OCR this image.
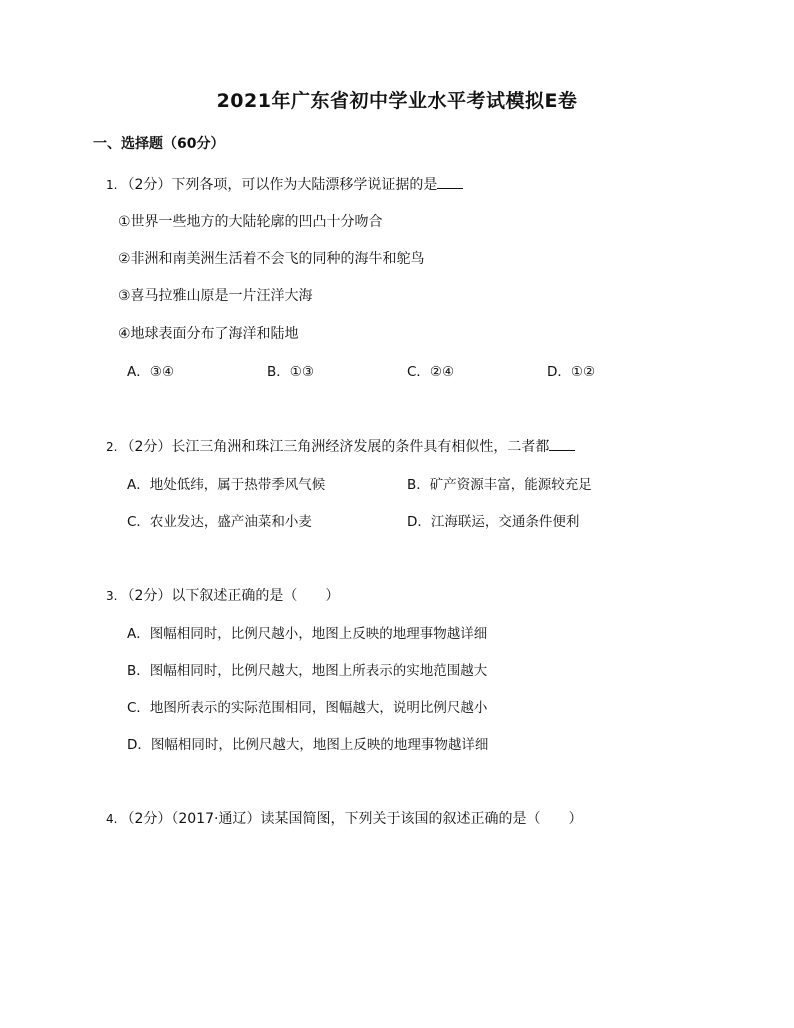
2021年广东省初中学业水平考试模拟E卷
一、选择题（60分）
1. （2分）下列各项，可以作为大陆漂移学说证据的是
①世界一些地方的大陆轮廓的凹凸十分吻合
②非洲和南美洲生活着不会飞的同种的海牛和鸵鸟
③喜马拉雅山原是一片汪洋大海
④地球表面分布了海洋和陆地
A．③④	B．①③	C．②④	D．①②
2. （2分）长江三角洲和珠江三角洲经济发展的条件具有相似性，二者都
A．地处低纬，属于热带季风气候	B．矿产资源丰富，能源较充足
C．农业发达，盛产油菜和小麦	D．江海联运，交通条件便利
3. （2分）以下叙述正确的是（　　）
A．图幅相同时，比例尺越小，地图上反映的地理事物越详细
B．图幅相同时，比例尺越大，地图上所表示的实地范围越大
C．地图所表示的实际范围相同，图幅越大，说明比例尺越小
D．图幅相同时，比例尺越大，地图上反映的地理事物越详细
4. （2分）（2017·通辽）读某国简图，下列关于该国的叙述正确的是（　　）
